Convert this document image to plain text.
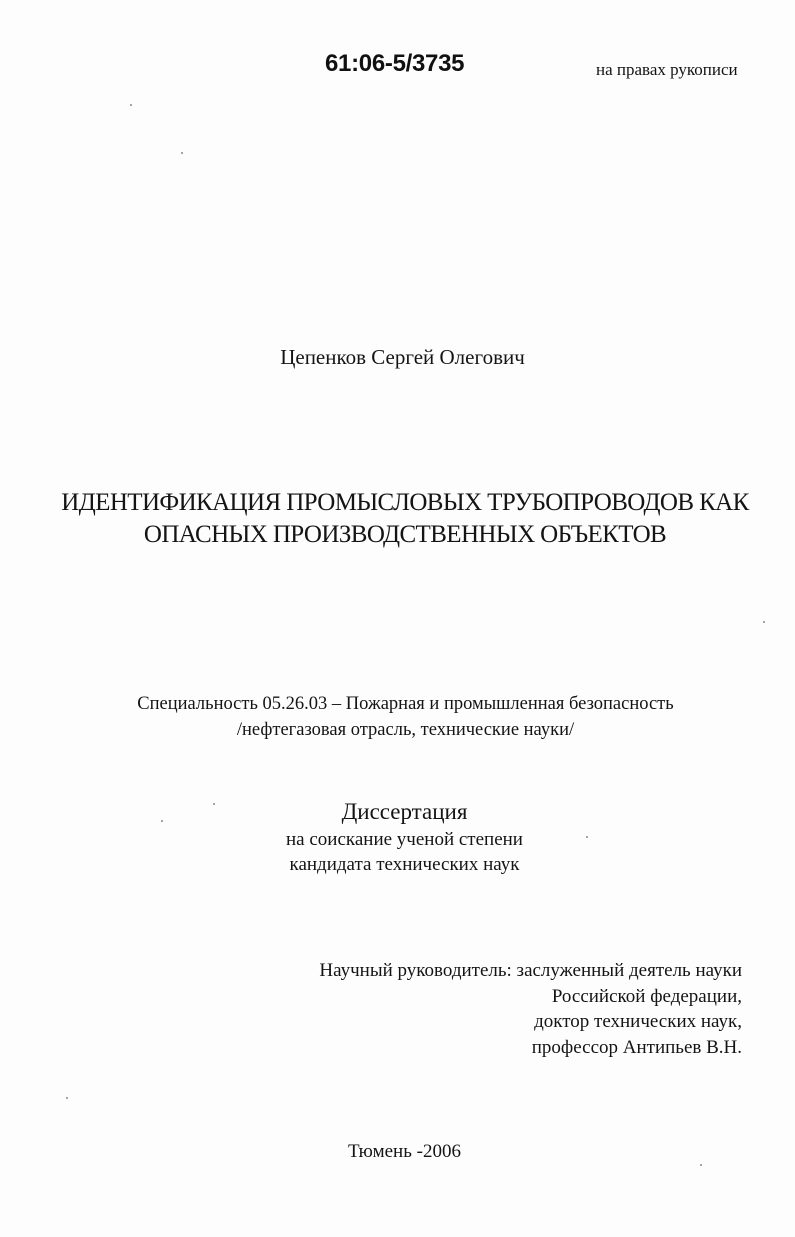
61:06-5/3735	на правах рукописи
Цепенков Сергей Олегович
ИДЕНТИФИКАЦИЯ ПРОМЫСЛОВЫХ ТРУБОПРОВОДОВ КАК
ОПАСНЫХ ПРОИЗВОДСТВЕННЫХ ОБЪЕКТОВ
Специальность 05.26.03 – Пожарная и промышленная безопасность
/нефтегазовая отрасль, технические науки/
Диссертация
на соискание ученой степени
кандидата технических наук
Научный руководитель: заслуженный деятель науки
Российской федерации,
доктор технических наук,
профессор Антипьев В.Н.
Тюмень -2006
